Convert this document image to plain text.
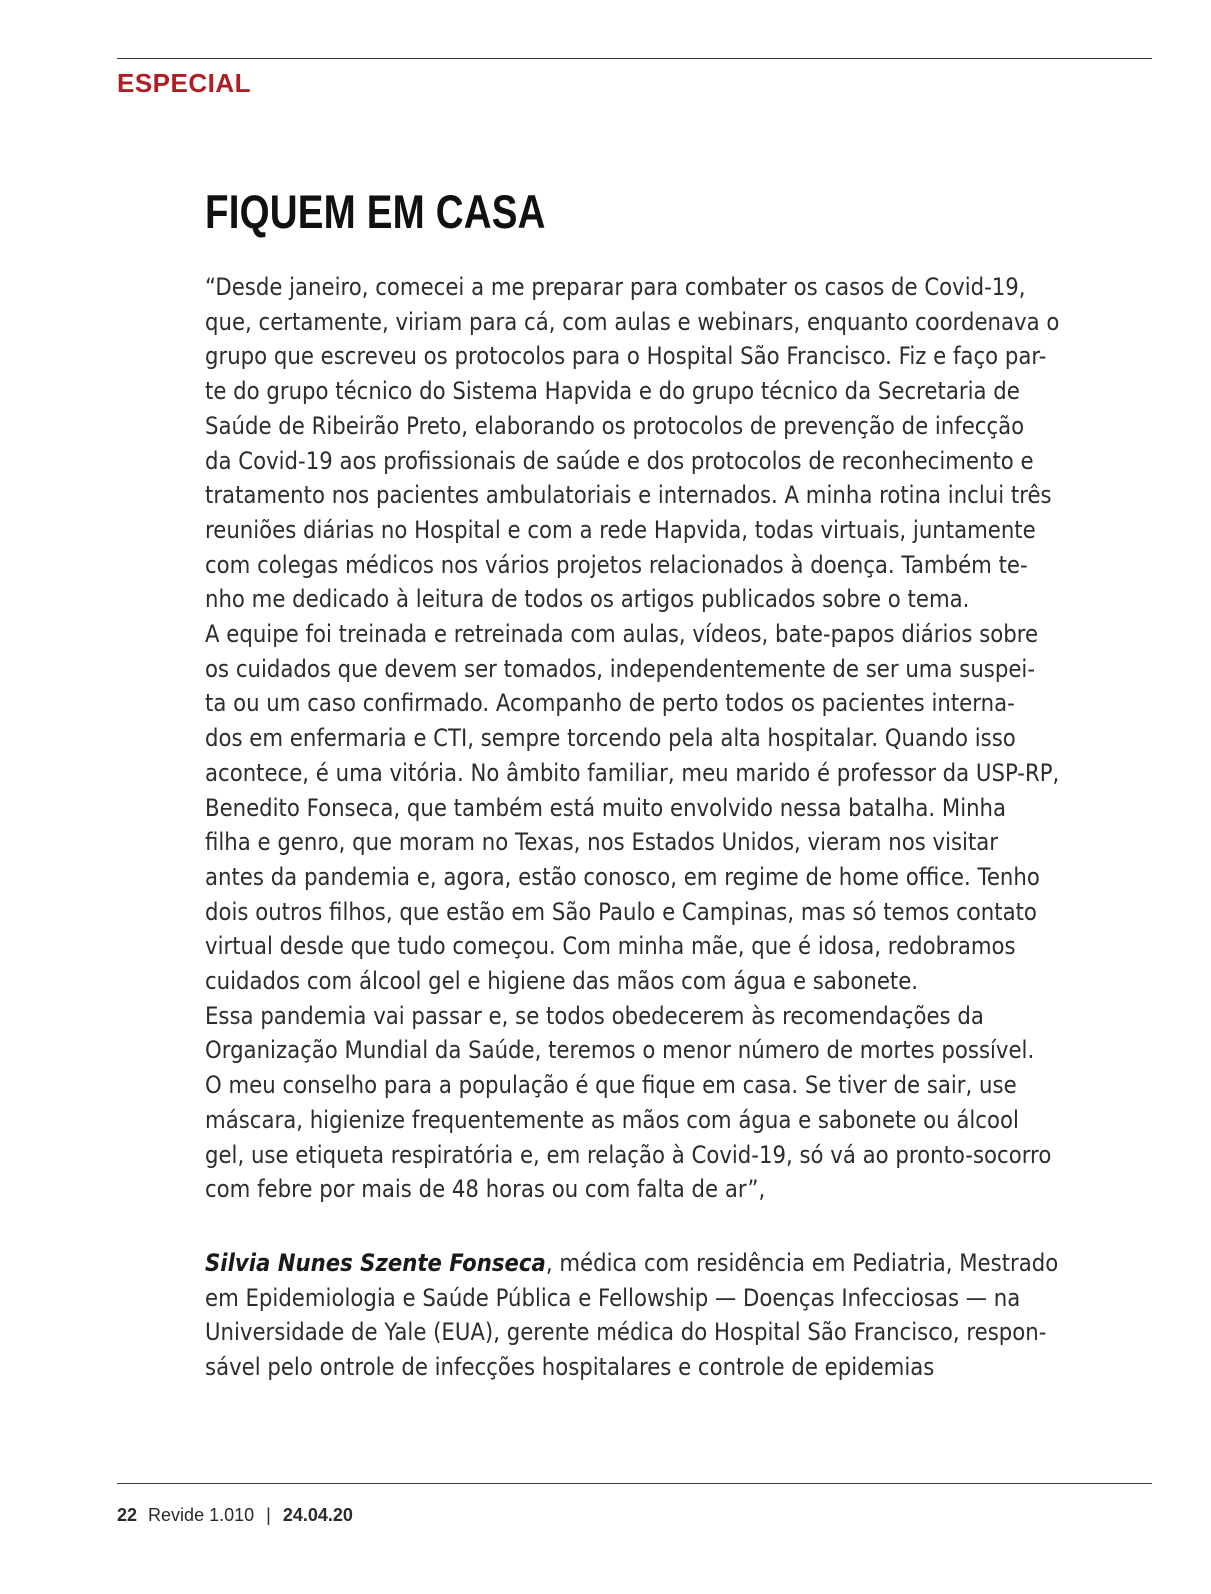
ESPECIAL
FIQUEM EM CASA
“Desde janeiro, comecei a me preparar para combater os casos de Covid-19,
que, certamente, viriam para cá, com aulas e webinars, enquanto coordenava o
grupo que escreveu os protocolos para o Hospital São Francisco. Fiz e faço par-
te do grupo técnico do Sistema Hapvida e do grupo técnico da Secretaria de
Saúde de Ribeirão Preto, elaborando os protocolos de prevenção de infecção
da Covid-19 aos profissionais de saúde e dos protocolos de reconhecimento e
tratamento nos pacientes ambulatoriais e internados. A minha rotina inclui três
reuniões diárias no Hospital e com a rede Hapvida, todas virtuais, juntamente
com colegas médicos nos vários projetos relacionados à doença. Também te-
nho me dedicado à leitura de todos os artigos publicados sobre o tema.
A equipe foi treinada e retreinada com aulas, vídeos, bate-papos diários sobre
os cuidados que devem ser tomados, independentemente de ser uma suspei-
ta ou um caso confirmado. Acompanho de perto todos os pacientes interna-
dos em enfermaria e CTI, sempre torcendo pela alta hospitalar. Quando isso
acontece, é uma vitória. No âmbito familiar, meu marido é professor da USP-RP,
Benedito Fonseca, que também está muito envolvido nessa batalha. Minha
filha e genro, que moram no Texas, nos Estados Unidos, vieram nos visitar
antes da pandemia e, agora, estão conosco, em regime de home office. Tenho
dois outros filhos, que estão em São Paulo e Campinas, mas só temos contato
virtual desde que tudo começou. Com minha mãe, que é idosa, redobramos
cuidados com álcool gel e higiene das mãos com água e sabonete.
Essa pandemia vai passar e, se todos obedecerem às recomendações da
Organização Mundial da Saúde, teremos o menor número de mortes possível.
O meu conselho para a população é que fique em casa. Se tiver de sair, use
máscara, higienize frequentemente as mãos com água e sabonete ou álcool
gel, use etiqueta respiratória e, em relação à Covid-19, só vá ao pronto-socorro
com febre por mais de 48 horas ou com falta de ar”,
Silvia Nunes Szente Fonseca, médica com residência em Pediatria, Mestrado
em Epidemiologia e Saúde Pública e Fellowship — Doenças Infecciosas — na
Universidade de Yale (EUA), gerente médica do Hospital São Francisco, respon-
sável pelo ontrole de infecções hospitalares e controle de epidemias
22 Revide 1.010 | 24.04.20
